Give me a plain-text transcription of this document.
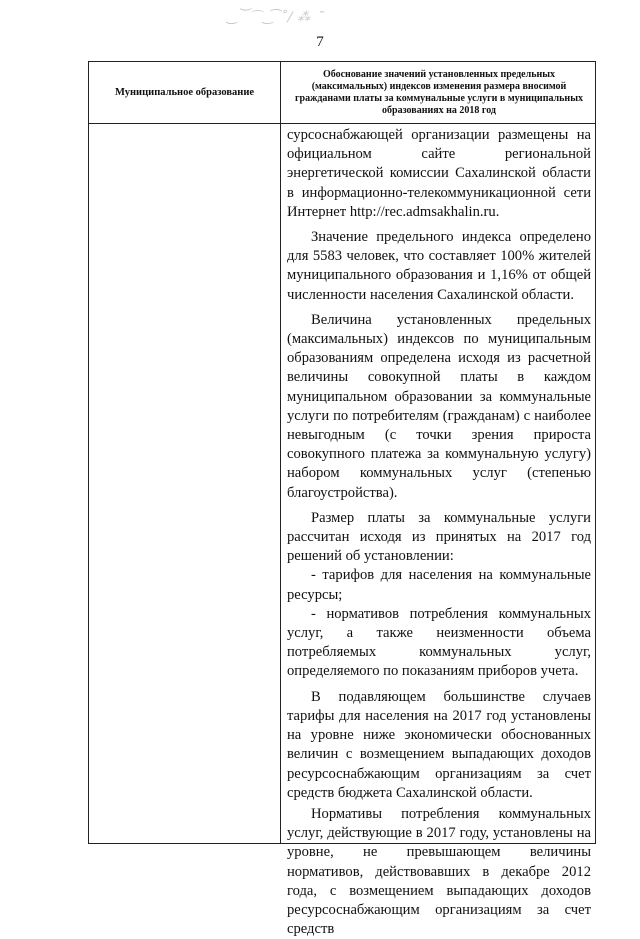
‿ ͝ ⌒‿͡ ˚∕ ⁂ ˜
7
Муниципальное образование
Обоснование значений установленных предельных (максимальных) индексов изменения размера вносимой гражданами платы за коммунальные услуги в муниципальных образованиях на 2018 год

сурсоснабжающей организации размещены на официальном сайте региональной энергетической комиссии Сахалинской области в информационно-телекоммуникационной сети Интернет http://rec.admsakhalin.ru.

Значение предельного индекса определено для 5583 человек, что составляет 100% жителей муниципального образования и 1,16% от общей численности населения Сахалинской области.

Величина установленных предельных (максимальных) индексов по муниципальным образованиям определена исходя из расчетной величины совокупной платы в каждом муниципальном образовании за коммунальные услуги по потребителям (гражданам) с наиболее невыгодным (с точки зрения прироста совокупного платежа за коммунальную услугу) набором коммунальных услуг (степенью благоустройства).

Размер платы за коммунальные услуги рассчитан исходя из принятых на 2017 год решений об установлении:

- тарифов для населения на коммунальные ресурсы;

- нормативов потребления коммунальных услуг, а также неизменности объема потребляемых коммунальных услуг, определяемого по показаниям приборов учета.

В подавляющем большинстве случаев тарифы для населения на 2017 год установлены на уровне ниже экономически обоснованных величин с возмещением выпадающих доходов ресурсоснабжающим организациям за счет средств бюджета Сахалинской области.

Нормативы потребления коммунальных услуг, действующие в 2017 году, установлены на уровне, не превышающем величины нормативов, действовавших в декабре 2012 года, с возмещением выпадающих доходов ресурсоснабжающим организациям за счет средств
